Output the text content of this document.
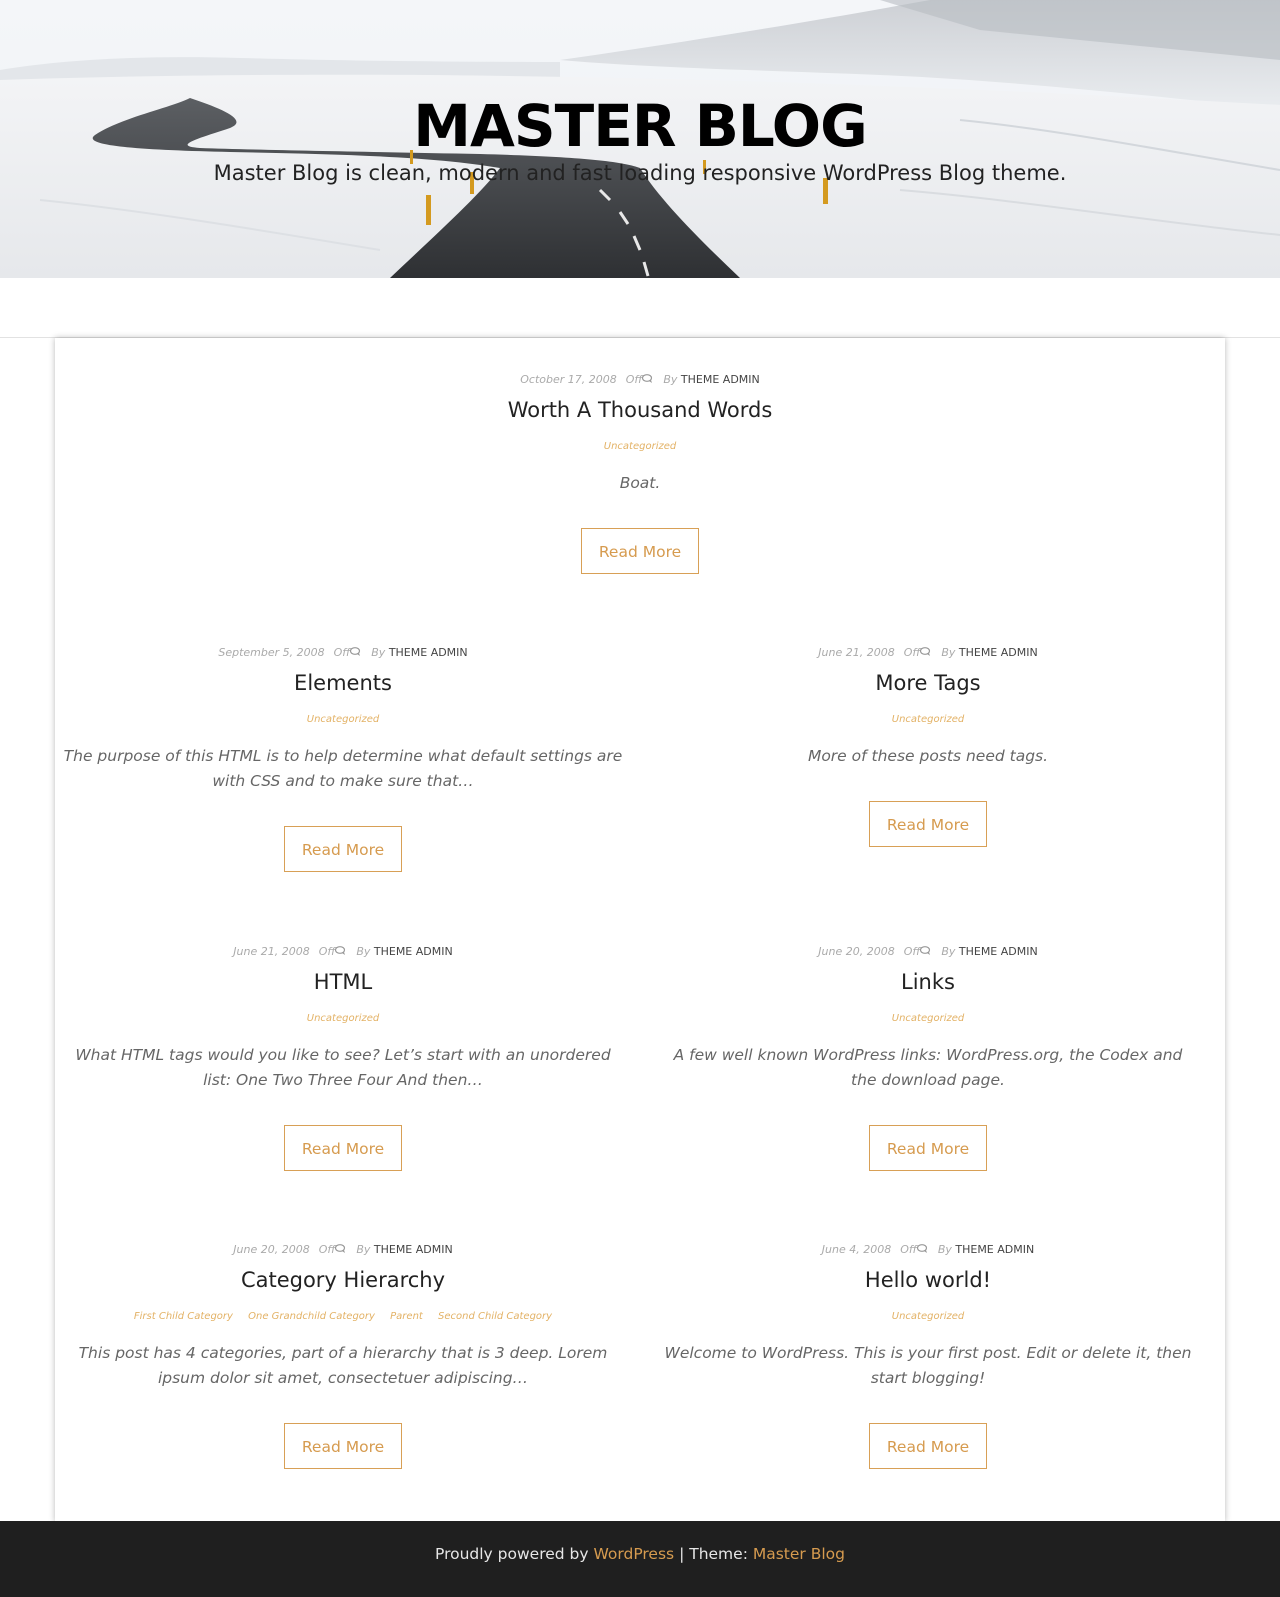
MASTER BLOG

Master Blog is clean, modern and fast loading responsive WordPress Blog theme.

October 17, 2008 Off By THEME ADMIN
Worth A Thousand Words
Uncategorized

Boat.

Read More
September 5, 2008 Off By THEME ADMIN
Elements
Uncategorized

The purpose of this HTML is to help determine what default settings are with CSS and to make sure that…

Read More
June 21, 2008 Off By THEME ADMIN
More Tags
Uncategorized

More of these posts need tags.

Read More
June 21, 2008 Off By THEME ADMIN
HTML
Uncategorized

What HTML tags would you like to see? Let’s start with an unordered list: One Two Three Four And then…

Read More
June 20, 2008 Off By THEME ADMIN
Links
Uncategorized

A few well known WordPress links: WordPress.org, the Codex and the download page.

Read More
June 20, 2008 Off By THEME ADMIN
Category Hierarchy
First Child Category One Grandchild Category Parent Second Child Category

This post has 4 categories, part of a hierarchy that is 3 deep. Lorem ipsum dolor sit amet, consectetuer adipiscing…

Read More
June 4, 2008 Off By THEME ADMIN
Hello world!
Uncategorized

Welcome to WordPress. This is your first post. Edit or delete it, then start blogging!

Read More
Proudly powered by WordPress | Theme: Master Blog
